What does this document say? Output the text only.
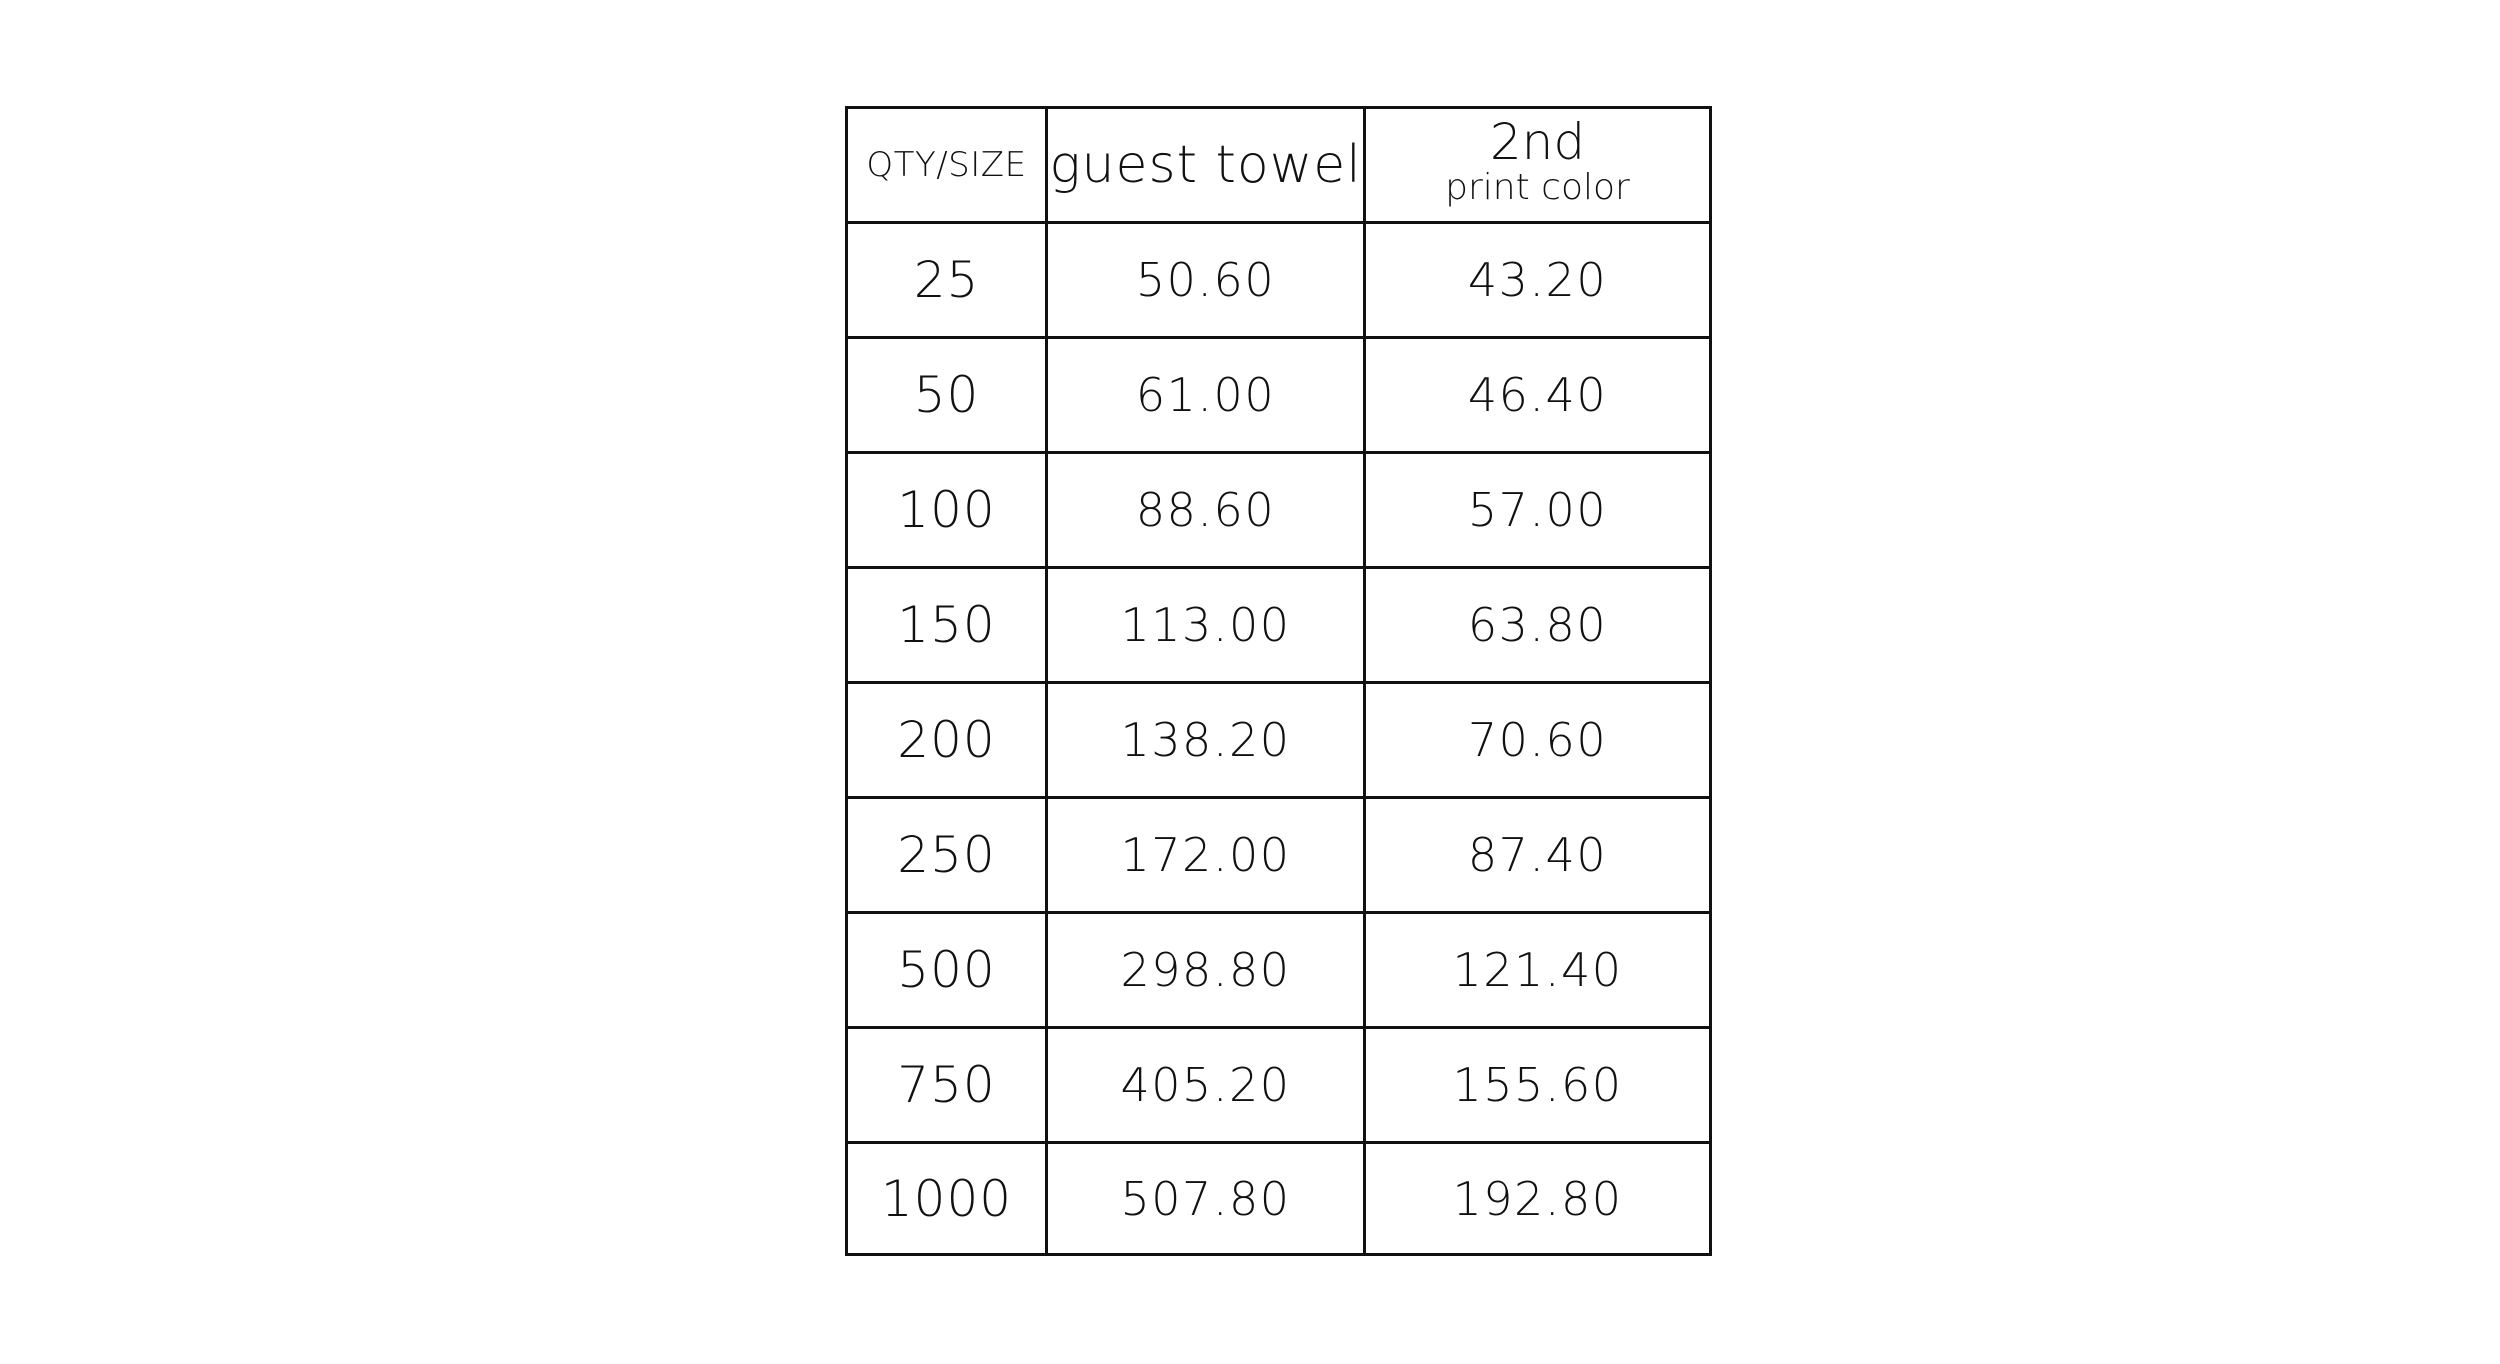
QTY/SIZE	guest towel	2nd
print color

25	50.60	43.20
50	61.00	46.40
100	88.60	57.00
150	113.00	63.80
200	138.20	70.60
250	172.00	87.40
500	298.80	121.40
750	405.20	155.60
1000	507.80	192.80
